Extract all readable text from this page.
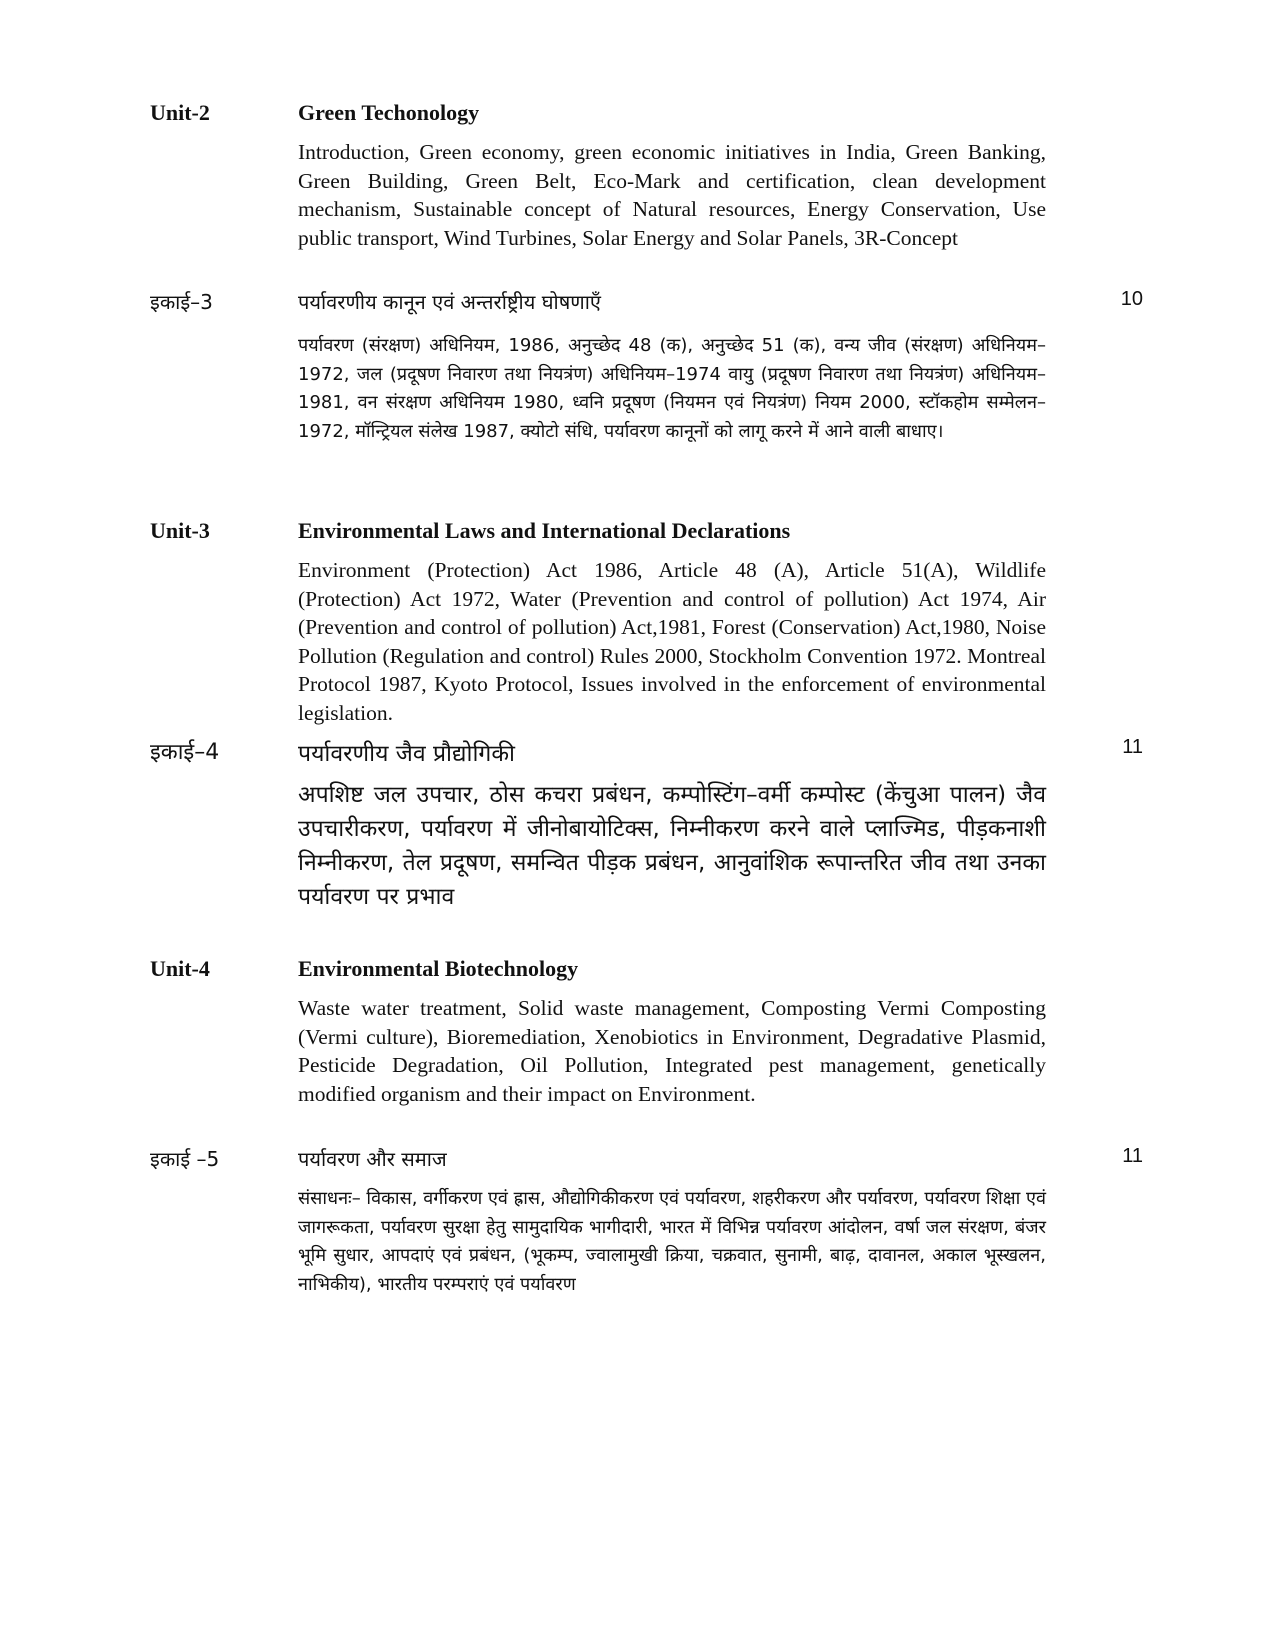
Unit-2	Green Techonology
Introduction, Green economy, green economic initiatives in India, Green Banking, Green Building, Green Belt, Eco-Mark and certification, clean development mechanism, Sustainable concept of Natural resources, Energy Conservation, Use public transport, Wind Turbines, Solar Energy and Solar Panels, 3R-Concept
इकाई–3	पर्यावरणीय कानून एवं अन्तर्राष्ट्रीय घोषणाएँ	10
पर्यावरण (संरक्षण) अधिनियम, 1986, अनुच्छेद 48 (क), अनुच्छेद 51 (क), वन्य जीव (संरक्षण) अधिनियम–1972, जल (प्रदूषण निवारण तथा नियत्रंण) अधिनियम–1974 वायु (प्रदूषण निवारण तथा नियत्रंण) अधिनियम–1981, वन संरक्षण अधिनियम 1980, ध्वनि प्रदूषण (नियमन एवं नियत्रंण) नियम 2000, स्टॉकहोम सम्मेलन–1972, मॉन्ट्रियल संलेख 1987, क्योटो संधि, पर्यावरण कानूनों को लागू करने में आने वाली बाधाए।
Unit-3	Environmental Laws and International Declarations
Environment (Protection) Act 1986, Article 48 (A), Article 51(A), Wildlife (Protection) Act 1972, Water (Prevention and control of pollution) Act 1974, Air (Prevention and control of pollution) Act,1981, Forest (Conservation) Act,1980, Noise Pollution (Regulation and control) Rules 2000, Stockholm Convention 1972. Montreal Protocol 1987, Kyoto Protocol, Issues involved in the enforcement of environmental legislation.
इकाई–4	पर्यावरणीय जैव प्रौद्योगिकी	11
अपशिष्ट जल उपचार, ठोस कचरा प्रबंधन, कम्पोस्टिंग–वर्मी कम्पोस्ट (केंचुआ पालन) जैव उपचारीकरण, पर्यावरण में जीनोबायोटिक्स, निम्नीकरण करने वाले प्लाज्मिड, पीड़कनाशी निम्नीकरण, तेल प्रदूषण, समन्वित पीड़क प्रबंधन, आनुवांशिक रूपान्तरित जीव तथा उनका पर्यावरण पर प्रभाव
Unit-4	Environmental Biotechnology
Waste water treatment, Solid waste management, Composting Vermi Composting (Vermi culture), Bioremediation, Xenobiotics in Environment, Degradative Plasmid, Pesticide Degradation, Oil Pollution, Integrated pest management, genetically modified organism and their impact on Environment.
इकाई –5	पर्यावरण और समाज	11
संसाधनः– विकास, वर्गीकरण एवं ह्रास, औद्योगिकीकरण एवं पर्यावरण, शहरीकरण और पर्यावरण, पर्यावरण शिक्षा एवं जागरूकता, पर्यावरण सुरक्षा हेतु सामुदायिक भागीदारी, भारत में विभिन्न पर्यावरण आंदोलन, वर्षा जल संरक्षण, बंजर भूमि सुधार, आपदाएं एवं प्रबंधन, (भूकम्प, ज्वालामुखी क्रिया, चक्रवात, सुनामी, बाढ़, दावानल, अकाल भूस्खलन, नाभिकीय), भारतीय परम्पराएं एवं पर्यावरण
